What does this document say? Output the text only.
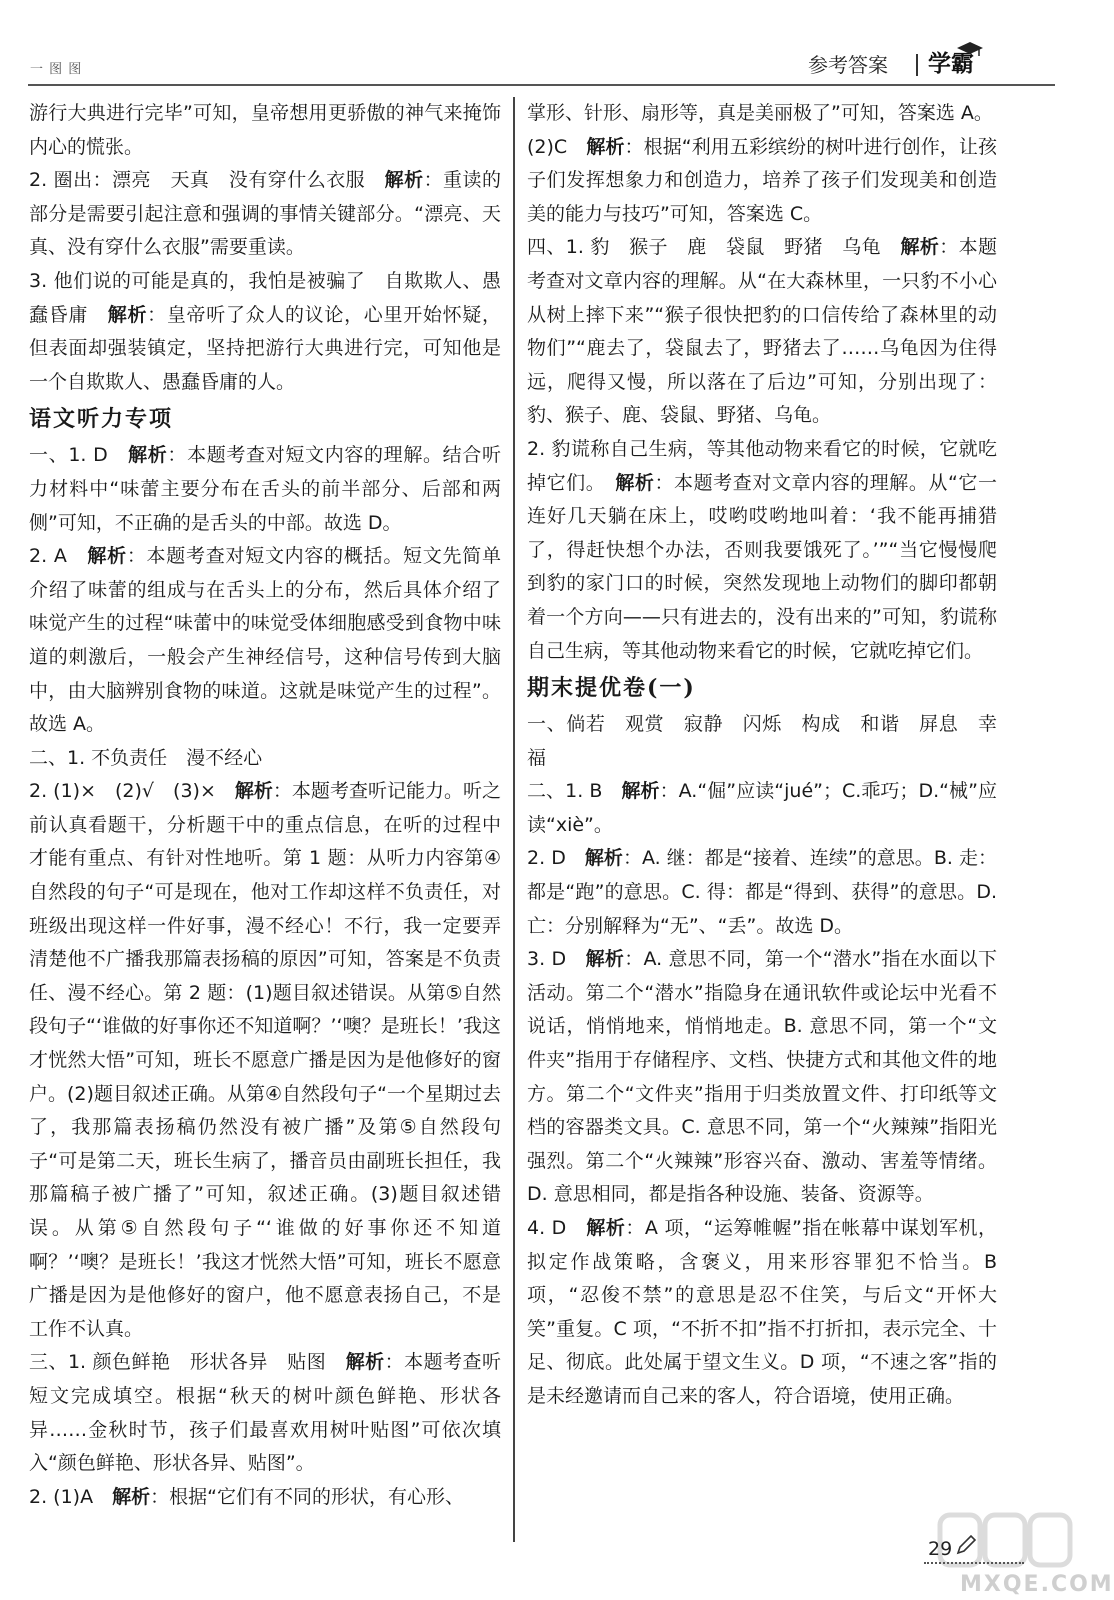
一 图 图	参考答案 学霸

游行大典进行完毕”可知，皇帝想用更骄傲的神气来掩饰内心的慌张。

2. 圈出：漂亮　天真　没有穿什么衣服　解析：重读的部分是需要引起注意和强调的事情关键部分。“漂亮、天真、没有穿什么衣服”需要重读。

3. 他们说的可能是真的，我怕是被骗了　自欺欺人、愚蠢昏庸　解析：皇帝听了众人的议论，心里开始怀疑，但表面却强装镇定，坚持把游行大典进行完，可知他是一个自欺欺人、愚蠢昏庸的人。

语文听力专项

一、1. D　解析：本题考查对短文内容的理解。结合听力材料中“味蕾主要分布在舌头的前半部分、后部和两侧”可知，不正确的是舌头的中部。故选 D。

2. A　解析：本题考查对短文内容的概括。短文先简单介绍了味蕾的组成与在舌头上的分布，然后具体介绍了味觉产生的过程“味蕾中的味觉受体细胞感受到食物中味道的刺激后，一般会产生神经信号，这种信号传到大脑中，由大脑辨别食物的味道。这就是味觉产生的过程”。故选 A。

二、1. 不负责任　漫不经心

2. (1)×　(2)√　(3)×　解析：本题考查听记能力。听之前认真看题干，分析题干中的重点信息，在听的过程中才能有重点、有针对性地听。第 1 题：从听力内容第④自然段的句子“可是现在，他对工作却这样不负责任，对班级出现这样一件好事，漫不经心！不行，我一定要弄清楚他不广播我那篇表扬稿的原因”可知，答案是不负责任、漫不经心。第 2 题：(1)题目叙述错误。从第⑤自然段句子“‘谁做的好事你还不知道啊？’‘噢？是班长！’我这才恍然大悟”可知，班长不愿意广播是因为是他修好的窗户。(2)题目叙述正确。从第④自然段句子“一个星期过去了，我那篇表扬稿仍然没有被广播”及第⑤自然段句子“可是第二天，班长生病了，播音员由副班长担任，我那篇稿子被广播了”可知，叙述正确。(3)题目叙述错误。从第⑤自然段句子“‘谁做的好事你还不知道啊？’‘噢？是班长！’我这才恍然大悟”可知，班长不愿意广播是因为是他修好的窗户，他不愿意表扬自己，不是工作不认真。

三、1. 颜色鲜艳　形状各异　贴图　解析：本题考查听短文完成填空。根据“秋天的树叶颜色鲜艳、形状各异……金秋时节，孩子们最喜欢用树叶贴图”可依次填入“颜色鲜艳、形状各异、贴图”。

2. (1)A　解析：根据“它们有不同的形状，有心形、

掌形、针形、扇形等，真是美丽极了”可知，答案选 A。

(2)C　解析：根据“利用五彩缤纷的树叶进行创作，让孩子们发挥想象力和创造力，培养了孩子们发现美和创造美的能力与技巧”可知，答案选 C。

四、1. 豹　猴子　鹿　袋鼠　野猪　乌龟　解析：本题考查对文章内容的理解。从“在大森林里，一只豹不小心从树上摔下来”“猴子很快把豹的口信传给了森林里的动物们”“鹿去了，袋鼠去了，野猪去了……乌龟因为住得远，爬得又慢，所以落在了后边”可知，分别出现了：豹、猴子、鹿、袋鼠、野猪、乌龟。

2. 豹谎称自己生病，等其他动物来看它的时候，它就吃掉它们。　解析：本题考查对文章内容的理解。从“它一连好几天躺在床上，哎哟哎哟地叫着：‘我不能再捕猎了，得赶快想个办法，否则我要饿死了。’”“当它慢慢爬到豹的家门口的时候，突然发现地上动物们的脚印都朝着一个方向——只有进去的，没有出来的”可知，豹谎称自己生病，等其他动物来看它的时候，它就吃掉它们。

期末提优卷(一)

一、倘若　观赏　寂静　闪烁　构成　和谐　屏息　幸福

二、1. B　解析：A.“倔”应读“jué”；C.乖巧；D.“械”应读“xiè”。

2. D　解析：A. 继：都是“接着、连续”的意思。B. 走：都是“跑”的意思。C. 得：都是“得到、获得”的意思。D. 亡：分别解释为“无”、“丢”。故选 D。

3. D　解析：A. 意思不同，第一个“潜水”指在水面以下活动。第二个“潜水”指隐身在通讯软件或论坛中光看不说话，悄悄地来，悄悄地走。B. 意思不同，第一个“文件夹”指用于存储程序、文档、快捷方式和其他文件的地方。第二个“文件夹”指用于归类放置文件、打印纸等文档的容器类文具。C. 意思不同，第一个“火辣辣”指阳光强烈。第二个“火辣辣”形容兴奋、激动、害羞等情绪。D. 意思相同，都是指各种设施、装备、资源等。

4. D　解析：A 项，“运筹帷幄”指在帐幕中谋划军机，拟定作战策略，含褒义，用来形容罪犯不恰当。B 项，“忍俊不禁”的意思是忍不住笑，与后文“开怀大笑”重复。C 项，“不折不扣”指不打折扣，表示完全、十足、彻底。此处属于望文生义。D 项，“不速之客”指的是未经邀请而自己来的客人，符合语境，使用正确。

29
MXQE.COM
